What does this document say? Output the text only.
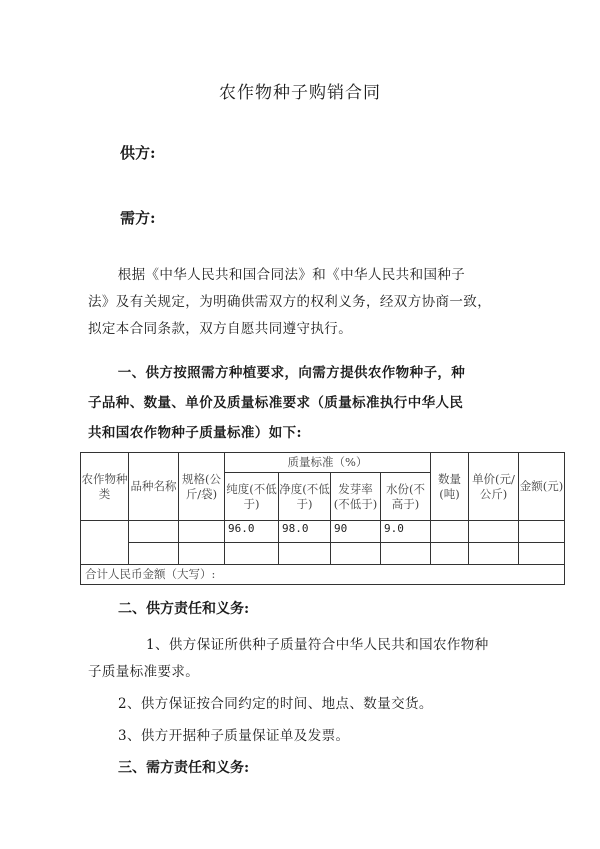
农作物种子购销合同
供方:
需方:
根据《中华人民共和国合同法》和《中华人民共和国种子
法》及有关规定，为明确供需双方的权利义务，经双方协商一致，
拟定本合同条款，双方自愿共同遵守执行。
一、供方按照需方种植要求，向需方提供农作物种子，种
子品种、数量、单价及质量标准要求（质量标准执行中华人民
共和国农作物种子质量标准）如下:
农作物种类	品种名称	规格(公斤/袋)	质量标准（%）				数量(吨)	单价(元/公斤)	金额(元)
			纯度(不低于)	净度(不低于)	发芽率(不低于)	水份(不高于)			
			96.0	98.0	90	9.0			

合计人民币金额（大写）:									
二、供方责任和义务:
1、供方保证所供种子质量符合中华人民共和国农作物种
子质量标准要求。
2、供方保证按合同约定的时间、地点、数量交货。
3、供方开据种子质量保证单及发票。
三、需方责任和义务:
